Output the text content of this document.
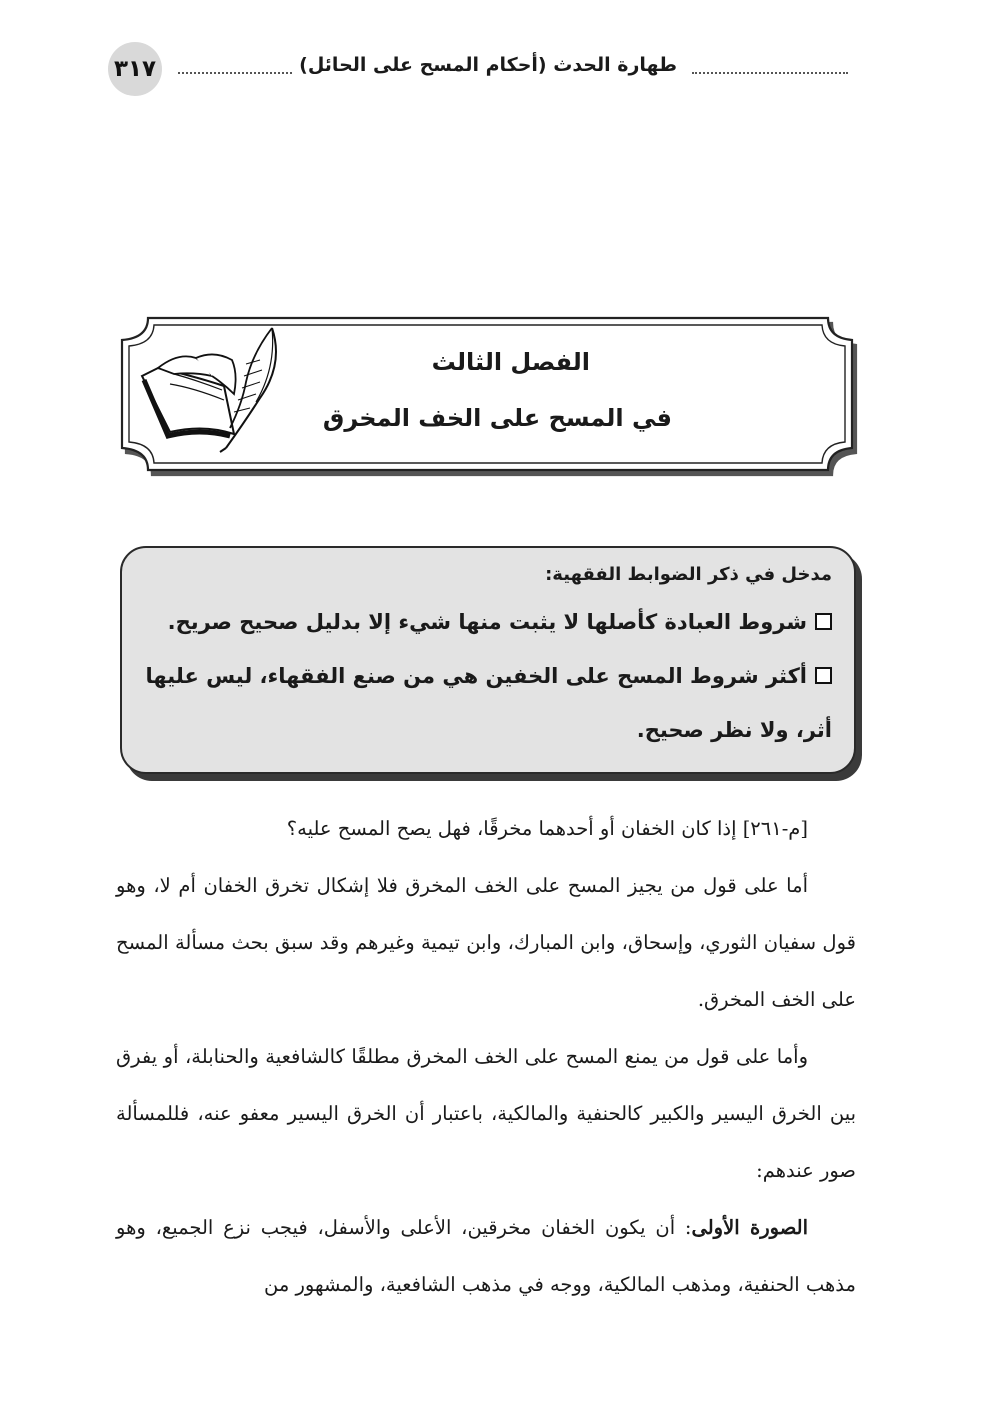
٣١٧	طهارة الحدث (أحكام المسح على الحائل)
الفصل الثالث
في المسح على الخف المخرق
مدخل في ذكر الضوابط الفقهية:

شروط العبادة كأصلها لا يثبت منها شيء إلا بدليل صحيح صريح.

أكثر شروط المسح على الخفين هي من صنع الفقهاء، ليس عليها أثر، ولا نظر صحيح.

[م-٢٦١] إذا كان الخفان أو أحدهما مخرقًا، فهل يصح المسح عليه؟

أما على قول من يجيز المسح على الخف المخرق فلا إشكال تخرق الخفان أم لا، وهو قول سفيان الثوري، وإسحاق، وابن المبارك، وابن تيمية وغيرهم وقد سبق بحث مسألة المسح على الخف المخرق.

وأما على قول من يمنع المسح على الخف المخرق مطلقًا كالشافعية والحنابلة، أو يفرق بين الخرق اليسير والكبير كالحنفية والمالكية، باعتبار أن الخرق اليسير معفو عنه، فللمسألة صور عندهم:

الصورة الأولى: أن يكون الخفان مخرقين، الأعلى والأسفل، فيجب نزع الجميع، وهو مذهب الحنفية، ومذهب المالكية، ووجه في مذهب الشافعية، والمشهور من
